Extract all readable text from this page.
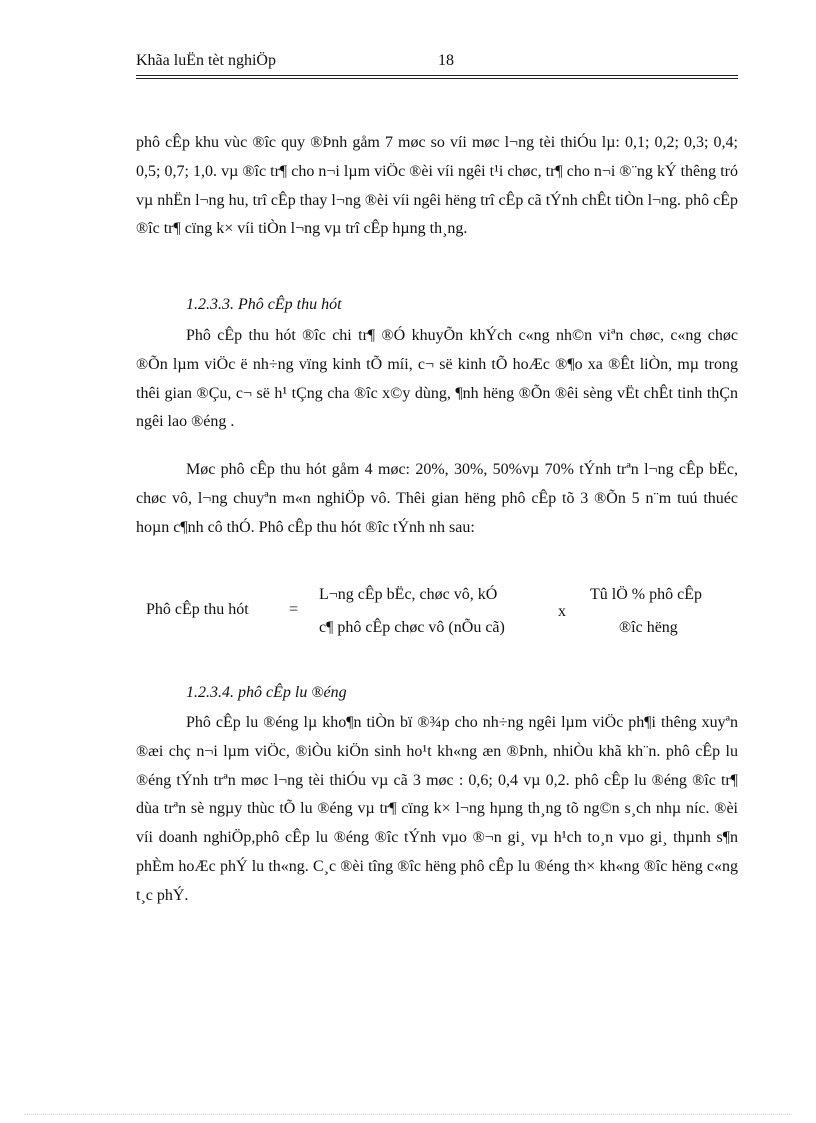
Khãa luËn tèt nghiÖp	18

phô cÊp khu vùc ®îc quy ®Þnh gåm 7 møc so víi møc l¬ng tèi thiÓu lµ: 0,1; 0,2; 0,3; 0,4; 0,5; 0,7; 1,0. vµ ®îc tr¶ cho n¬i lµm viÖc ®èi víi ngêi t¹i chøc, tr¶ cho n¬i ®¨ng kÝ thêng tró vµ nhËn l¬ng hu, trî cÊp thay l¬ng ®èi víi ngêi hëng trî cÊp cã tÝnh chÊt tiÒn l¬ng. phô cÊp ®îc tr¶ cïng k× víi tiÒn l¬ng vµ trî cÊp hµng th¸ng.

1.2.3.3. Phô cÊp thu hót

Phô cÊp thu hót ®îc chi tr¶ ®Ó khuyÕn khÝch c«ng nh©n viªn chøc, c«ng chøc ®Õn lµm viÖc ë nh÷ng vïng kinh tÕ míi, c¬ së kinh tÕ hoÆc ®¶o xa ®Êt liÒn, mµ trong thêi gian ®Çu, c¬ së h¹ tÇng cha ®îc x©y dùng, ¶nh hëng ®Õn ®êi sèng vËt chÊt tinh thÇn ngêi lao ®éng .

Møc phô cÊp thu hót gåm 4 møc: 20%, 30%, 50%vµ 70% tÝnh trªn l¬ng cÊp bËc, chøc vô, l¬ng chuyªn m«n nghiÖp vô. Thêi gian hëng phô cÊp tõ 3 ®Õn 5 n¨m tuú thuéc hoµn c¶nh cô thÓ. Phô cÊp thu hót ®îc tÝnh nh sau:

Phô cÊp thu hót	=
L¬ng cÊp bËc, chøc vô, kÓ
c¶ phô cÊp chøc vô (nÕu cã)
x
Tû lÖ % phô cÊp
®îc hëng
1.2.3.4. phô cÊp lu ®éng

Phô cÊp lu ®éng lµ kho¶n tiÒn bï ®¾p cho nh÷ng ngêi lµm viÖc ph¶i thêng xuyªn ®æi chç n¬i lµm viÖc, ®iÒu kiÖn sinh ho¹t kh«ng æn ®Þnh, nhiÒu khã kh¨n. phô cÊp lu ®éng tÝnh trªn møc l¬ng tèi thiÓu vµ cã 3 møc : 0,6; 0,4 vµ 0,2. phô cÊp lu ®éng ®îc tr¶ dùa trªn sè ngµy thùc tÕ lu ®éng vµ tr¶ cïng k× l¬ng hµng th¸ng tõ ng©n s¸ch nhµ níc. ®èi víi doanh nghiÖp,phô cÊp lu ®éng ®îc tÝnh vµo ®¬n gi¸ vµ h¹ch to¸n vµo gi¸ thµnh s¶n phÈm hoÆc phÝ lu th«ng. C¸c ®èi tîng ®îc hëng phô cÊp lu ®éng th× kh«ng ®îc hëng c«ng t¸c phÝ.
